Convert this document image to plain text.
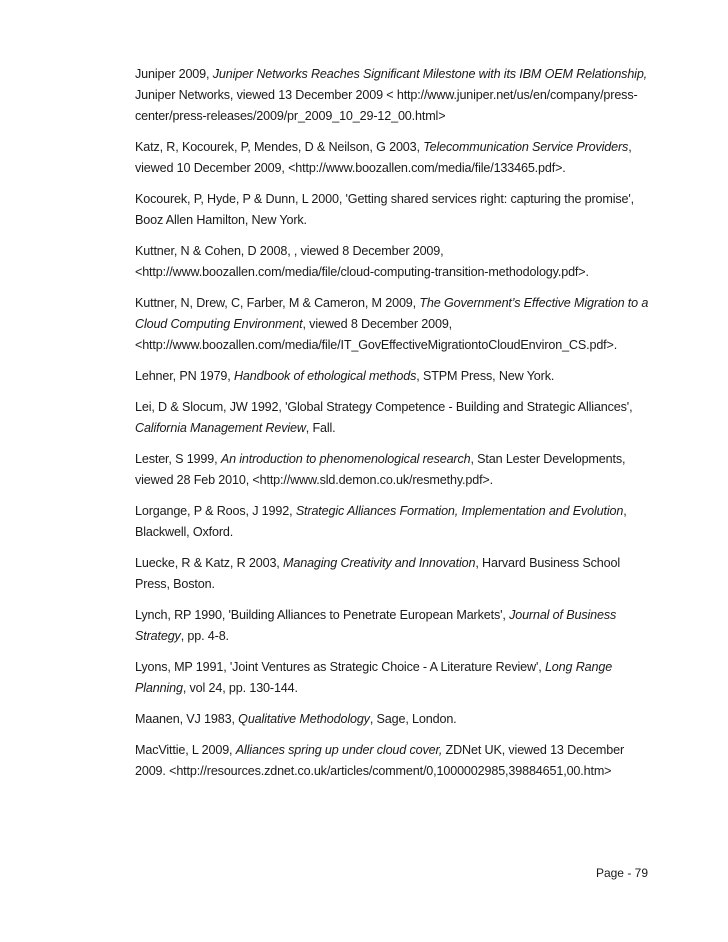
Juniper 2009, Juniper Networks Reaches Significant Milestone with its IBM OEM Relationship, Juniper Networks, viewed 13 December 2009 < http://www.juniper.net/us/en/company/press-center/press-releases/2009/pr_2009_10_29-12_00.html>

Katz, R, Kocourek, P, Mendes, D & Neilson, G 2003, Telecommunication Service Providers, viewed 10 December 2009, <http://www.boozallen.com/media/file/133465.pdf>.

Kocourek, P, Hyde, P & Dunn, L 2000, 'Getting shared services right: capturing the promise', Booz Allen Hamilton, New York.

Kuttner, N & Cohen, D 2008, , viewed 8 December 2009, <http://www.boozallen.com/media/file/cloud-computing-transition-methodology.pdf>.

Kuttner, N, Drew, C, Farber, M & Cameron, M 2009, The Government’s Effective Migration to a Cloud Computing Environment, viewed 8 December 2009, <http://www.boozallen.com/media/file/IT_GovEffectiveMigrationtoCloudEnviron_CS.pdf>.

Lehner, PN 1979, Handbook of ethological methods, STPM Press, New York.

Lei, D & Slocum, JW 1992, 'Global Strategy Competence - Building and Strategic Alliances', California Management Review, Fall.

Lester, S 1999, An introduction to phenomenological research, Stan Lester Developments, viewed 28 Feb 2010, <http://www.sld.demon.co.uk/resmethy.pdf>.

Lorgange, P & Roos, J 1992, Strategic Alliances Formation, Implementation and Evolution, Blackwell, Oxford.

Luecke, R & Katz, R 2003, Managing Creativity and Innovation, Harvard Business School Press, Boston.

Lynch, RP 1990, 'Building Alliances to Penetrate European Markets', Journal of Business Strategy, pp. 4-8.

Lyons, MP 1991, 'Joint Ventures as Strategic Choice - A Literature Review', Long Range Planning, vol 24, pp. 130-144.

Maanen, VJ 1983, Qualitative Methodology, Sage, London.

MacVittie, L 2009, Alliances spring up under cloud cover, ZDNet UK, viewed 13 December 2009. <http://resources.zdnet.co.uk/articles/comment/0,1000002985,39884651,00.htm>

Page - 79
